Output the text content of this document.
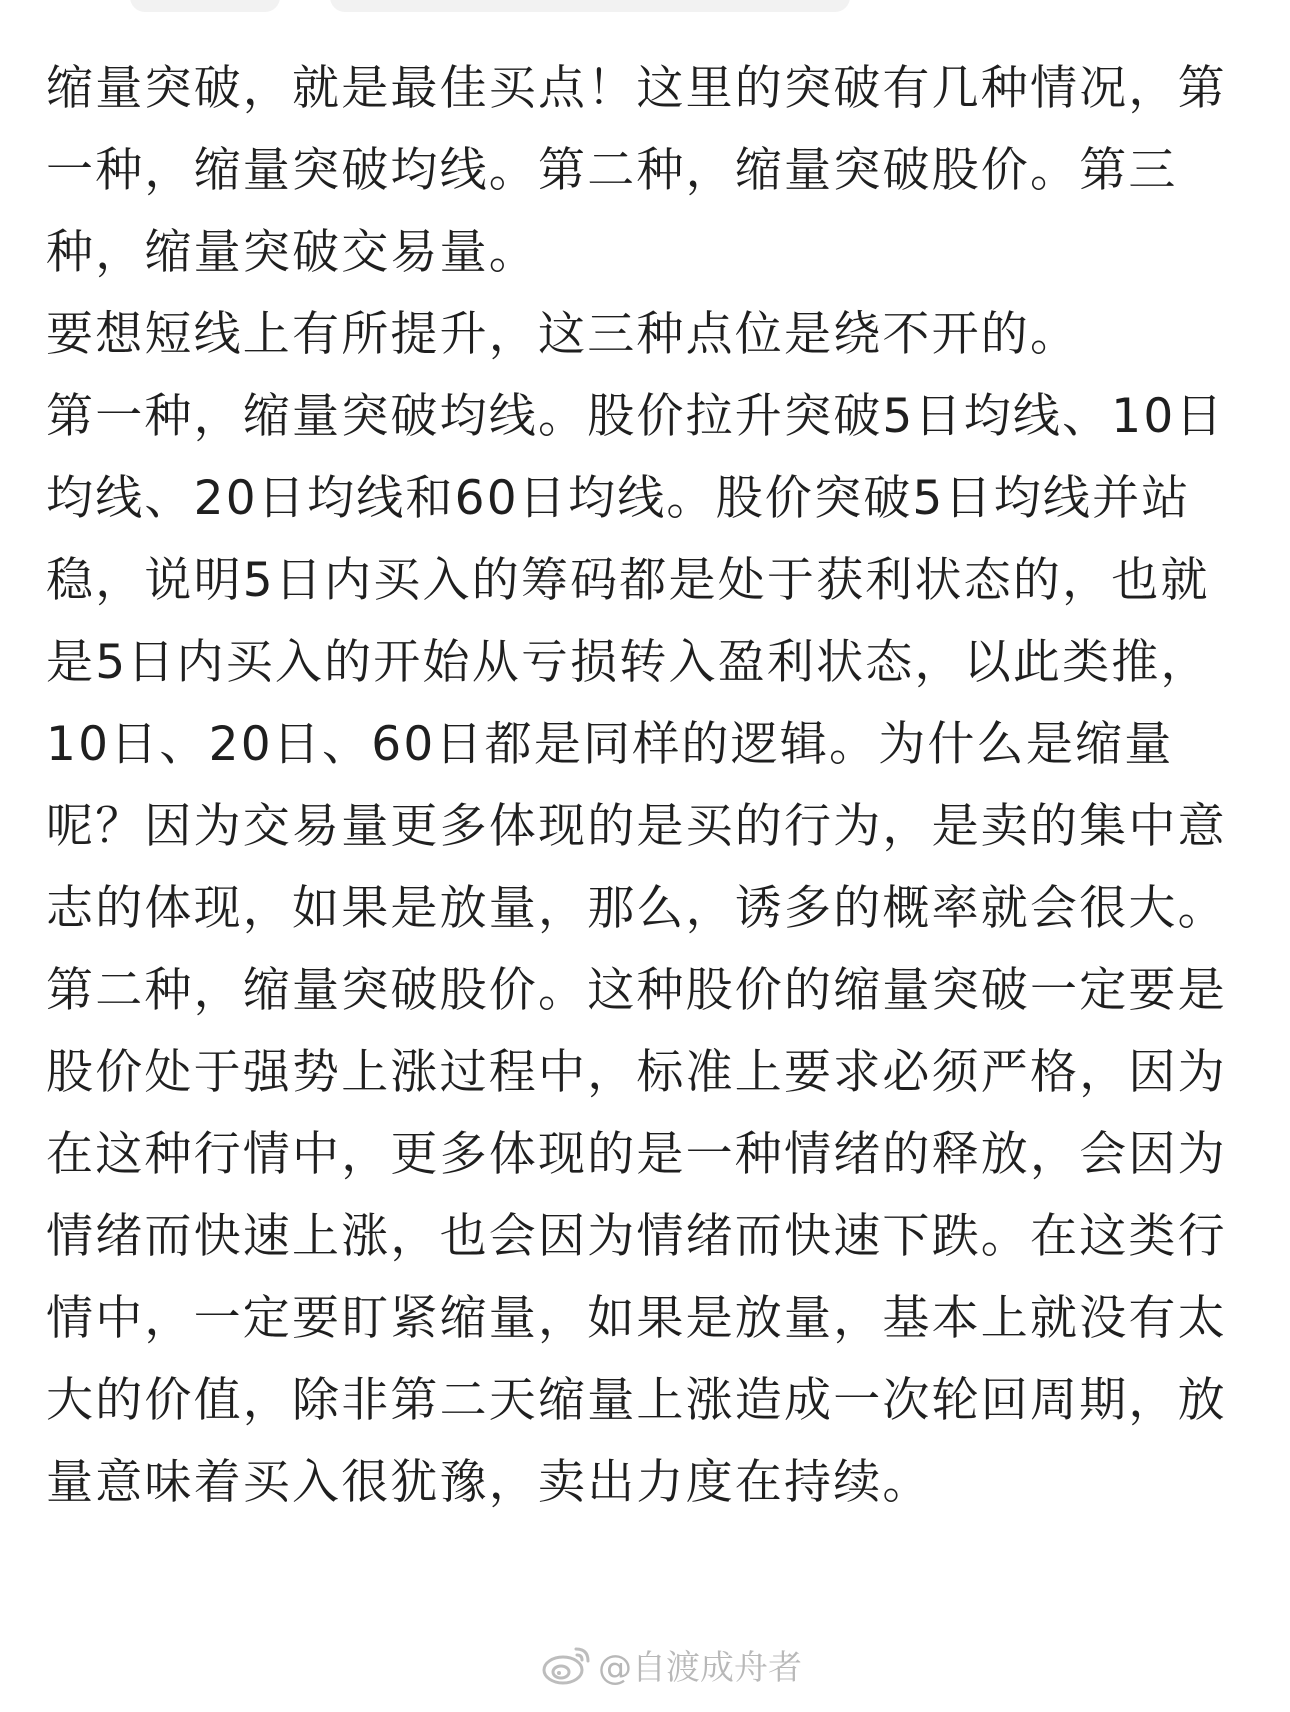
缩量突破，就是最佳买点！这里的突破有几种情况，第一种，缩量突破均线。第二种，缩量突破股价。第三种，缩量突破交易量。

要想短线上有所提升，这三种点位是绕不开的。

第一种，缩量突破均线。股价拉升突破5日均线、10日均线、20日均线和60日均线。股价突破5日均线并站稳，说明5日内买入的筹码都是处于获利状态的，也就是5日内买入的开始从亏损转入盈利状态，以此类推，10日、20日、60日都是同样的逻辑。为什么是缩量呢？因为交易量更多体现的是买的行为，是卖的集中意志的体现，如果是放量，那么，诱多的概率就会很大。

第二种，缩量突破股价。这种股价的缩量突破一定要是股价处于强势上涨过程中，标准上要求必须严格，因为在这种行情中，更多体现的是一种情绪的释放，会因为情绪而快速上涨，也会因为情绪而快速下跌。在这类行情中，一定要盯紧缩量，如果是放量，基本上就没有太大的价值，除非第二天缩量上涨造成一次轮回周期，放量意味着买入很犹豫，卖出力度在持续。

@自渡成舟者
